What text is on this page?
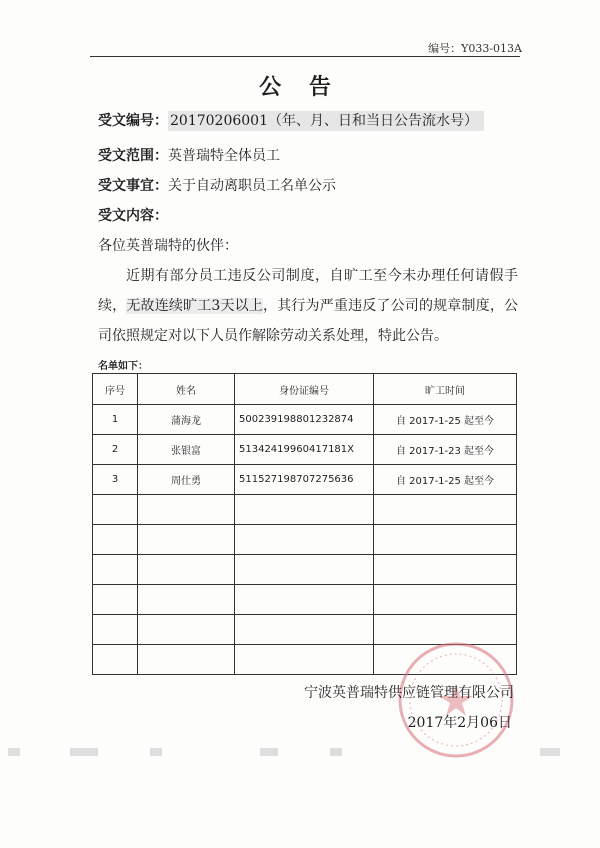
编号：Y033-013A
公 告
受文编号： 20170206001（年、月、日和当日公告流水号）
受文范围：英普瑞特全体员工
受文事宜：关于自动离职员工名单公示
受文内容：
各位英普瑞特的伙伴：
近期有部分员工违反公司制度，自旷工至今未办理任何请假手续，无故连续旷工3天以上，其行为严重违反了公司的规章制度，公司依照规定对以下人员作解除劳动关系处理，特此公告。
名单如下：
序号	姓名	身份证编号	旷工时间
1	蒲海龙	500239198801232874	自 2017-1-25 起至今
2	张银富	51342419960417181X	自 2017-1-23 起至今
3	周仕勇	511527198707275636	自 2017-1-25 起至今

宁波英普瑞特供应链管理有限公司
2017年2月06日
